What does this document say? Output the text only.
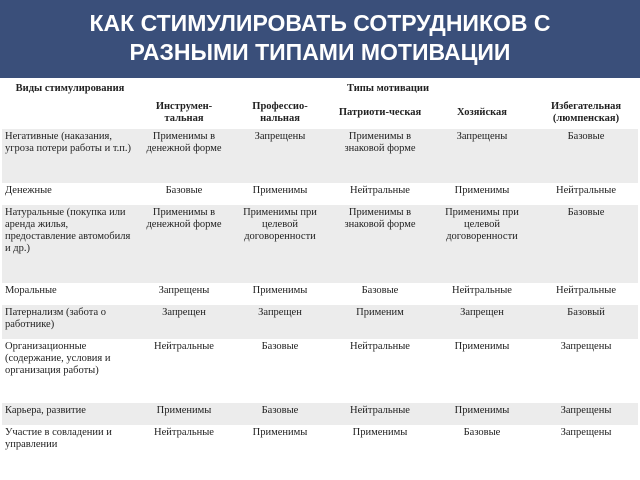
КАК СТИМУЛИРОВАТЬ СОТРУДНИКОВ С
РАЗНЫМИ ТИПАМИ МОТИВАЦИИ
Виды стимулирования	Типы мотивации				
	Инструмен-тальная	Профессио-нальная	Патриоти-ческая	Хозяйская	Избегательная (люмпенская)
Негативные (наказания, угроза потери работы и т.п.)	Применимы в денежной форме	Запрещены	Применимы в знаковой форме	Запрещены	Базовые
Денежные	Базовые	Применимы	Нейтральные	Применимы	Нейтральные
Натуральные (покупка или аренда жилья, предоставление автомобиля и др.)	Применимы в денежной форме	Применимы при целевой договоренности	Применимы в знаковой форме	Применимы при целевой договоренности	Базовые
Моральные	Запрещены	Применимы	Базовые	Нейтральные	Нейтральные
Патернализм (забота о работнике)	Запрещен	Запрещен	Применим	Запрещен	Базовый
Организационные (содержание, условия и организация работы)	Нейтральные	Базовые	Нейтральные	Применимы	Запрещены
Карьера, развитие	Применимы	Базовые	Нейтральные	Применимы	Запрещены
Участие в совладении и управлении	Нейтральные	Применимы	Применимы	Базовые	Запрещены
